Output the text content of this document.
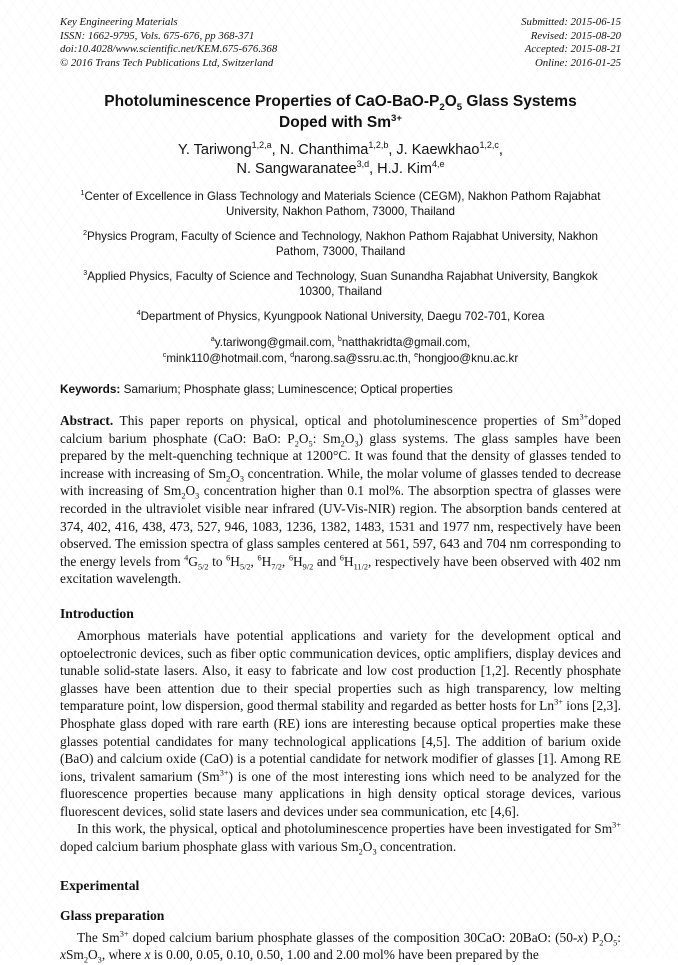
Key Engineering Materials
ISSN: 1662-9795, Vols. 675-676, pp 368-371
doi:10.4028/www.scientific.net/KEM.675-676.368
© 2016 Trans Tech Publications Ltd, Switzerland
Submitted: 2015-06-15
Revised: 2015-08-20
Accepted: 2015-08-21
Online: 2016-01-25
Photoluminescence Properties of CaO-$BaO-P_2O_5$ Glass Systems
Doped with $Sm^{3+}$
Y. Tariwong$^{1,2,a}$, N. Chanthima$^{1,2,b}$, J. Kaewkhao$^{1,2,c}$,
N. Sangwaranatee$^{3,d}$, H.J. Kim$^{4,e}$
$^1$Center of Excellence in Glass Technology and Materials Science (CEGM), Nakhon Pathom Rajabhat University, Nakhon Pathom, 73000, Thailand
$^2$Physics Program, Faculty of Science and Technology, Nakhon Pathom Rajabhat University, Nakhon Pathom, 73000, Thailand
$^3$Applied Physics, Faculty of Science and Technology, Suan Sunandha Rajabhat University, Bangkok 10300, Thailand
$^4$Department of Physics, Kyungpook National University, Daegu 702-701, Korea
$^a$y.tariwong@gmail.com, $^b$natthakridta@gmail.com,
$^c$mink110@hotmail.com, $^d$narong.sa@ssru.ac.th, $^e$hongjoo@knu.ac.kr
Keywords: Samarium; Phosphate glass; Luminescence; Optical properties
Abstract. This paper reports on physical, optical and photoluminescence properties of $Sm^{3+}doped$ calcium barium phosphate (CaO: BaO: $P_2O_5$: $Sm_2O_3$) glass systems. The glass samples have been prepared by the melt-quenching technique at 1200°C. It was found that the density of glasses tended to increase with increasing of $Sm_2O_3$ concentration. While, the molar volume of glasses tended to decrease with increasing of $Sm_2O_3$ concentration higher than 0.1 mol%. The absorption spectra of glasses were recorded in the ultraviolet visible near infrared (UV-Vis-NIR) region. The absorption bands centered at 374, 402, 416, 438, 473, 527, 946, 1083, 1236, 1382, 1483, 1531 and 1977 nm, respectively have been observed. The emission spectra of glass samples centered at 561, 597, 643 and 704 nm corresponding to the energy levels from $^4G_{5/2}$ to $^6H_{5/2}$, $^6H_{7/2}$, $^6H_{9/2}$ and $^6H_{11/2}$, respectively have been observed with 402 nm excitation wavelength.
Introduction

Amorphous materials have potential applications and variety for the development optical and optoelectronic devices, such as fiber optic communication devices, optic amplifiers, display devices and tunable solid-state lasers. Also, it easy to fabricate and low cost production [1,2]. Recently phosphate glasses have been attention due to their special properties such as high transparency, low melting temparature point, low dispersion, good thermal stability and regarded as better hosts for $Ln^{3+}$ ions [2,3]. Phosphate glass doped with rare earth (RE) ions are interesting because optical properties make these glasses potential candidates for many technological applications [4,5]. The addition of barium oxide (BaO) and calcium oxide (CaO) is a potential candidate for network modifier of glasses [1]. Among RE ions, trivalent samarium $(Sm^{3+})$ is one of the most interesting ions which need to be analyzed for the fluorescence properties because many applications in high density optical storage devices, various fluorescent devices, solid state lasers and devices under sea communication, etc [4,6].

In this work, the physical, optical and photoluminescence properties have been investigated for $Sm^{3+}$ doped calcium barium phosphate glass with various $Sm_2O_3$ concentration.

Experimental
Glass preparation

The $Sm^{3+}$ doped calcium barium phosphate glasses of the composition 30CaO: 20BaO: (50-x) $P_2O_5$: $xSm_2O_3$, where x is 0.00, 0.05, 0.10, 0.50, 1.00 and 2.00 mol% have been prepared by the
